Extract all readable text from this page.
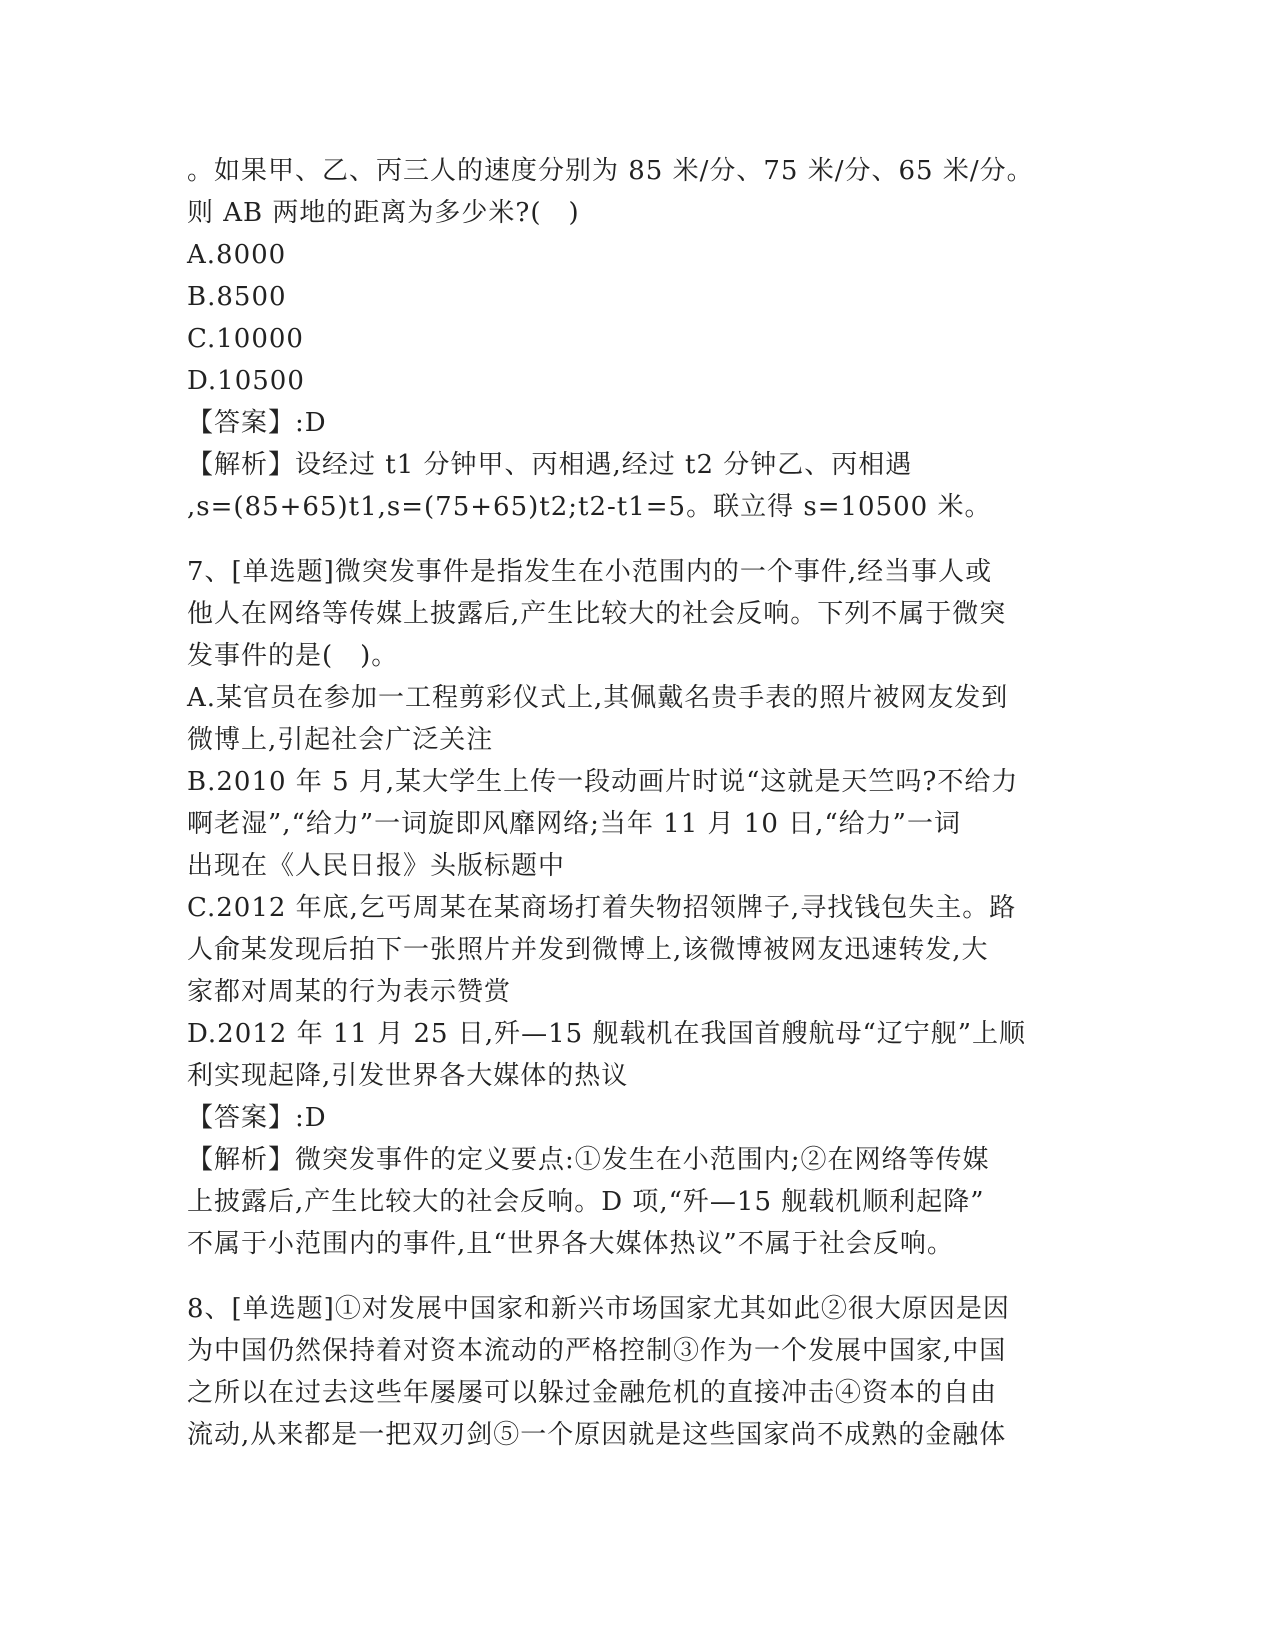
。如果甲、乙、丙三人的速度分别为 85 米/分、75 米/分、65 米/分。
则 AB 两地的距离为多少米?(　)
A.8000
B.8500
C.10000
D.10500
【答案】:D
【解析】设经过 t1 分钟甲、丙相遇,经过 t2 分钟乙、丙相遇
,s=(85+65)t1,s=(75+65)t2;t2-t1=5。联立得 s=10500 米。
7、[单选题]微突发事件是指发生在小范围内的一个事件,经当事人或
他人在网络等传媒上披露后,产生比较大的社会反响。下列不属于微突
发事件的是(　)。
A.某官员在参加一工程剪彩仪式上,其佩戴名贵手表的照片被网友发到
微博上,引起社会广泛关注
B.2010 年 5 月,某大学生上传一段动画片时说“这就是天竺吗?不给力
啊老湿”,“给力”一词旋即风靡网络;当年 11 月 10 日,“给力”一词
出现在《人民日报》头版标题中
C.2012 年底,乞丐周某在某商场打着失物招领牌子,寻找钱包失主。路
人俞某发现后拍下一张照片并发到微博上,该微博被网友迅速转发,大
家都对周某的行为表示赞赏
D.2012 年 11 月 25 日,歼—15 舰载机在我国首艘航母“辽宁舰”上顺
利实现起降,引发世界各大媒体的热议
【答案】:D
【解析】微突发事件的定义要点:①发生在小范围内;②在网络等传媒
上披露后,产生比较大的社会反响。D 项,“歼—15 舰载机顺利起降”
不属于小范围内的事件,且“世界各大媒体热议”不属于社会反响。
8、[单选题]①对发展中国家和新兴市场国家尤其如此②很大原因是因
为中国仍然保持着对资本流动的严格控制③作为一个发展中国家,中国
之所以在过去这些年屡屡可以躲过金融危机的直接冲击④资本的自由
流动,从来都是一把双刃剑⑤一个原因就是这些国家尚不成熟的金融体
